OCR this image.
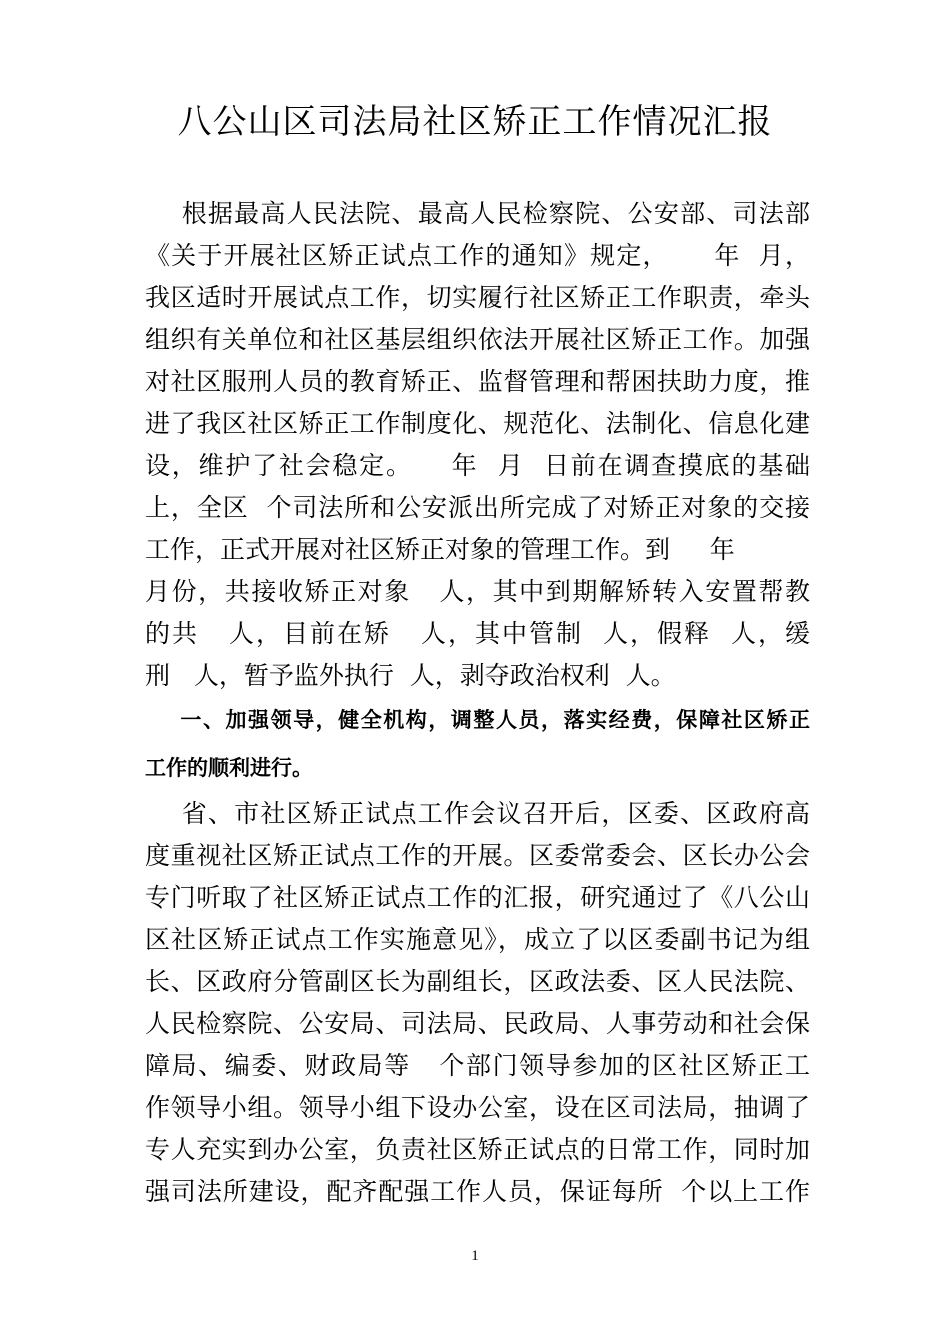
八公山区司法局社区矫正工作情况汇报
根据最高人民法院、最高人民检察院、公安部、司法部
《关于开展社区矫正试点工作的通知》规定，     年  月，
我区适时开展试点工作，切实履行社区矫正工作职责，牵头
组织有关单位和社区基层组织依法开展社区矫正工作。加强
对社区服刑人员的教育矫正、监督管理和帮困扶助力度，推
进了我区社区矫正工作制度化、规范化、法制化、信息化建
设，维护了社会稳定。    年  月  日前在调查摸底的基础
上，全区  个司法所和公安派出所完成了对矫正对象的交接
工作，正式开展对社区矫正对象的管理工作。到     年
月份，共接收矫正对象   人，其中到期解矫转入安置帮教
的共   人，目前在矫   人，其中管制  人，假释  人，缓
刑   人，暂予监外执行  人，剥夺政治权利  人。
一、加强领导，健全机构，调整人员，落实经费，保障社区矫正
工作的顺利进行。
省、市社区矫正试点工作会议召开后，区委、区政府高
度重视社区矫正试点工作的开展。区委常委会、区长办公会
专门听取了社区矫正试点工作的汇报，研究通过了《八公山
区社区矫正试点工作实施意见》，成立了以区委副书记为组
长、区政府分管副区长为副组长，区政法委、区人民法院、
人民检察院、公安局、司法局、民政局、人事劳动和社会保
障局、编委、财政局等   个部门领导参加的区社区矫正工
作领导小组。领导小组下设办公室，设在区司法局，抽调了
专人充实到办公室，负责社区矫正试点的日常工作，同时加
强司法所建设，配齐配强工作人员，保证每所  个以上工作
1
